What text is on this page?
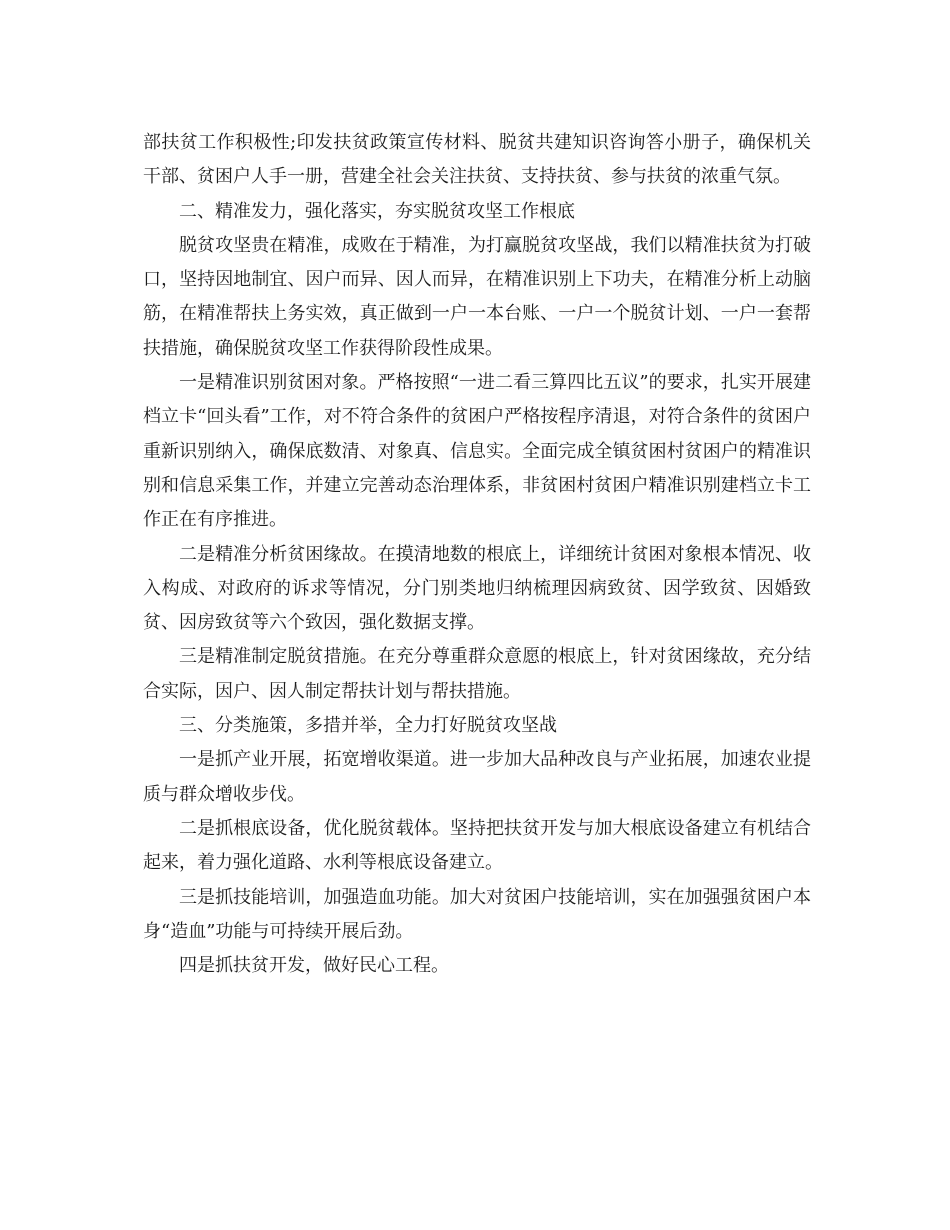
部扶贫工作积极性;印发扶贫政策宣传材料、脱贫共建知识咨询答小册子，确保机关干部、贫困户人手一册，营建全社会关注扶贫、支持扶贫、参与扶贫的浓重气氛。

二、精准发力，强化落实，夯实脱贫攻坚工作根底

脱贫攻坚贵在精准，成败在于精准，为打赢脱贫攻坚战，我们以精准扶贫为打破口，坚持因地制宜、因户而异、因人而异，在精准识别上下功夫，在精准分析上动脑筋，在精准帮扶上务实效，真正做到一户一本台账、一户一个脱贫计划、一户一套帮扶措施，确保脱贫攻坚工作获得阶段性成果。

一是精准识别贫困对象。严格按照“一进二看三算四比五议”的要求，扎实开展建档立卡“回头看”工作，对不符合条件的贫困户严格按程序清退，对符合条件的贫困户重新识别纳入，确保底数清、对象真、信息实。全面完成全镇贫困村贫困户的精准识别和信息采集工作，并建立完善动态治理体系，非贫困村贫困户精准识别建档立卡工作正在有序推进。

二是精准分析贫困缘故。在摸清地数的根底上，详细统计贫困对象根本情况、收入构成、对政府的诉求等情况，分门别类地归纳梳理因病致贫、因学致贫、因婚致贫、因房致贫等六个致因，强化数据支撑。

三是精准制定脱贫措施。在充分尊重群众意愿的根底上，针对贫困缘故，充分结合实际，因户、因人制定帮扶计划与帮扶措施。

三、分类施策，多措并举，全力打好脱贫攻坚战

一是抓产业开展，拓宽增收渠道。进一步加大品种改良与产业拓展，加速农业提质与群众增收步伐。

二是抓根底设备，优化脱贫载体。坚持把扶贫开发与加大根底设备建立有机结合起来，着力强化道路、水利等根底设备建立。

三是抓技能培训，加强造血功能。加大对贫困户技能培训，实在加强强贫困户本身“造血”功能与可持续开展后劲。

四是抓扶贫开发，做好民心工程。
